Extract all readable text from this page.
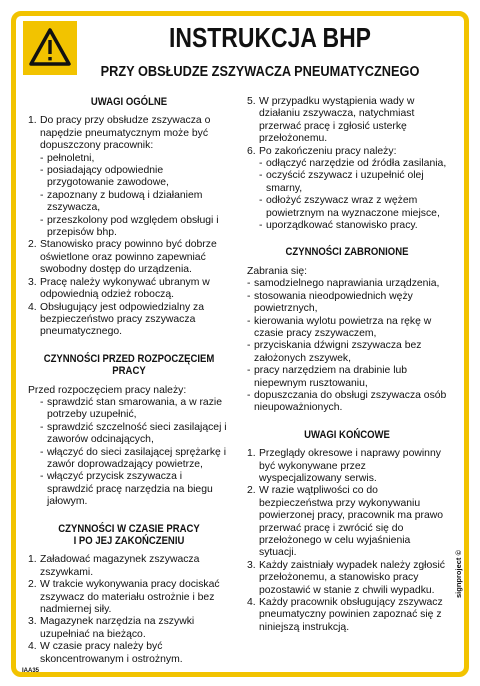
INSTRUKCJA BHP
PRZY OBSŁUDZE ZSZYWACZA PNEUMATYCZNEGO
UWAGI OGÓLNE
1. Do pracy przy obsłudze zszywacza o napędzie pneumatycznym może być dopuszczony pracownik:
- pełnoletni,
- posiadający odpowiednie przygotowanie zawodowe,
- zapoznany z budową i działaniem zszywacza,
- przeszkolony pod względem obsługi i przepisów bhp.
2. Stanowisko pracy powinno być dobrze oświetlone oraz powinno zapewniać swobodny dostęp do urządzenia.
3. Pracę należy wykonywać ubranym w odpowiednią odzież roboczą.
4. Obsługujący jest odpowiedzialny za bezpieczeństwo pracy zszywacza pneumatycznego.
CZYNNOŚCI PRZED ROZPOCZĘCIEM PRACY

Przed rozpoczęciem pracy należy:

- sprawdzić stan smarowania, a w razie potrzeby uzupełnić,
- sprawdzić szczelność sieci zasilającej i zaworów odcinających,
- włączyć do sieci zasilającej sprężarkę i zawór doprowadzający powietrze,
- włączyć przycisk zszywacza i sprawdzić pracę narzędzia na biegu jałowym.
CZYNNOŚCI W CZASIE PRACY
I PO JEJ ZAKOŃCZENIU
1. Załadować magazynek zszywacza zszywkami.
2. W trakcie wykonywania pracy dociskać zszywacz do materiału ostrożnie i bez nadmiernej siły.
3. Magazynek narzędzia na zszywki uzupełniać na bieżąco.
4. W czasie pracy należy być skoncentrowanym i ostrożnym.
5. W przypadku wystąpienia wady w działaniu zszywacza, natychmiast przerwać pracę i zgłosić usterkę przełożonemu.
6. Po zakończeniu pracy należy:
- odłączyć narzędzie od źródła zasilania,
- oczyścić zszywacz i uzupełnić olej smarny,
- odłożyć zszywacz wraz z wężem powietrznym na wyznaczone miejsce,
- uporządkować stanowisko pracy.
CZYNNOŚCI ZABRONIONE

Zabrania się:

- samodzielnego naprawiania urządzenia,
- stosowania nieodpowiednich węży powietrznych,
- kierowania wylotu powietrza na rękę w czasie pracy zszywaczem,
- przyciskania dźwigni zszywacza bez założonych zszywek,
- pracy narzędziem na drabinie lub niepewnym rusztowaniu,
- dopuszczania do obsługi zszywacza osób nieupoważnionych.
UWAGI KOŃCOWE
1. Przeglądy okresowe i naprawy powinny być wykonywane przez wyspecjalizowany serwis.
2. W razie wątpliwości co do bezpieczeństwa przy wykonywaniu powierzonej pracy, pracownik ma prawo przerwać pracę i zwrócić się do przełożonego w celu wyjaśnienia sytuacji.
3. Każdy zaistniały wypadek należy zgłosić przełożonemu, a stanowisko pracy pozostawić w stanie z chwili wypadku.
4. Każdy pracownik obsługujący zszywacz pneumatyczny powinien zapoznać się z niniejszą instrukcją.
IAA35
signproject ©
